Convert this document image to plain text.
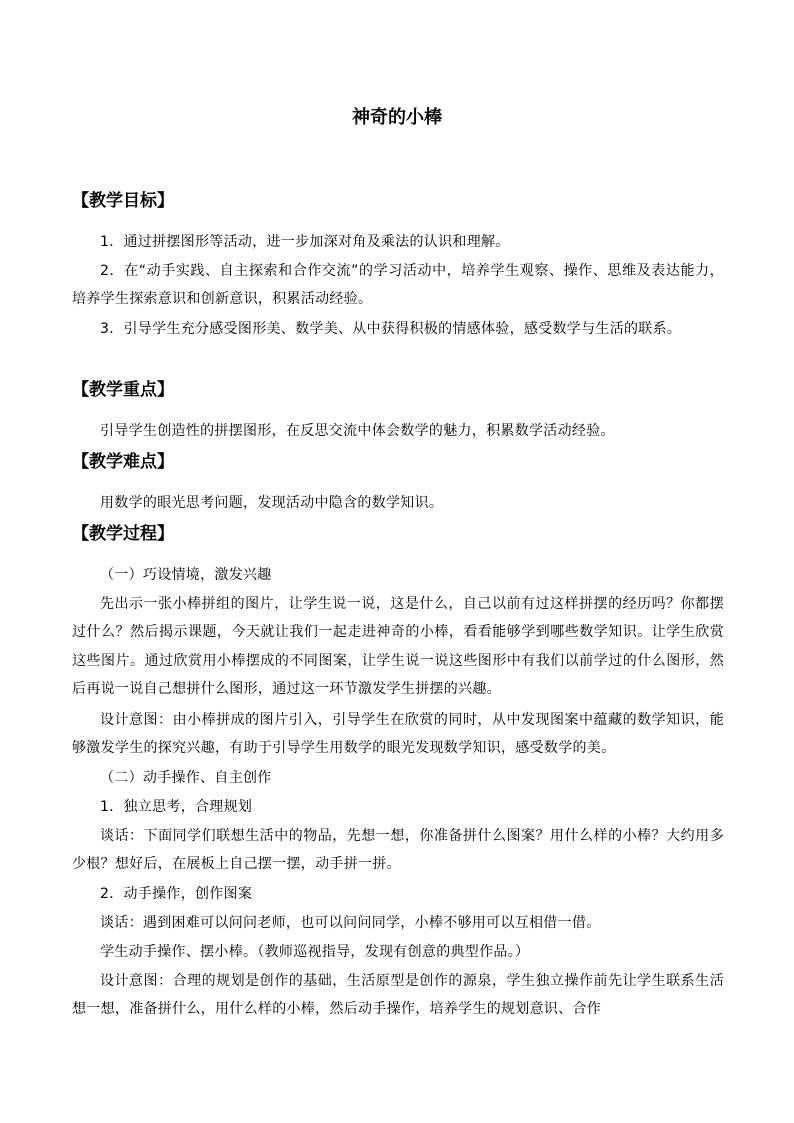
神奇的小棒
【教学目标】
1．通过拼摆图形等活动，进一步加深对角及乘法的认识和理解。
2．在“动手实践、自主探索和合作交流”的学习活动中，培养学生观察、操作、思维及表达能力，培养学生探索意识和创新意识，积累活动经验。
3．引导学生充分感受图形美、数学美、从中获得积极的情感体验，感受数学与生活的联系。
【教学重点】
引导学生创造性的拼摆图形，在反思交流中体会数学的魅力，积累数学活动经验。
【教学难点】
用数学的眼光思考问题，发现活动中隐含的数学知识。
【教学过程】
（一）巧设情境，激发兴趣
先出示一张小棒拼组的图片，让学生说一说，这是什么，自己以前有过这样拼摆的经历吗？你都摆过什么？然后揭示课题，今天就让我们一起走进神奇的小棒，看看能够学到哪些数学知识。让学生欣赏这些图片。通过欣赏用小棒摆成的不同图案，让学生说一说这些图形中有我们以前学过的什么图形，然后再说一说自己想拼什么图形，通过这一环节激发学生拼摆的兴趣。
设计意图：由小棒拼成的图片引入，引导学生在欣赏的同时，从中发现图案中蕴藏的数学知识，能够激发学生的探究兴趣，有助于引导学生用数学的眼光发现数学知识，感受数学的美。
（二）动手操作、自主创作
1．独立思考，合理规划
谈话：下面同学们联想生活中的物品，先想一想，你准备拼什么图案？用什么样的小棒？大约用多少根？想好后，在展板上自己摆一摆，动手拼一拼。
2．动手操作，创作图案
谈话：遇到困难可以问问老师，也可以问问同学，小棒不够用可以互相借一借。
学生动手操作、摆小棒。（教师巡视指导，发现有创意的典型作品。）
设计意图：合理的规划是创作的基础，生活原型是创作的源泉，学生独立操作前先让学生联系生活想一想，准备拼什么，用什么样的小棒，然后动手操作，培养学生的规划意识、合作
